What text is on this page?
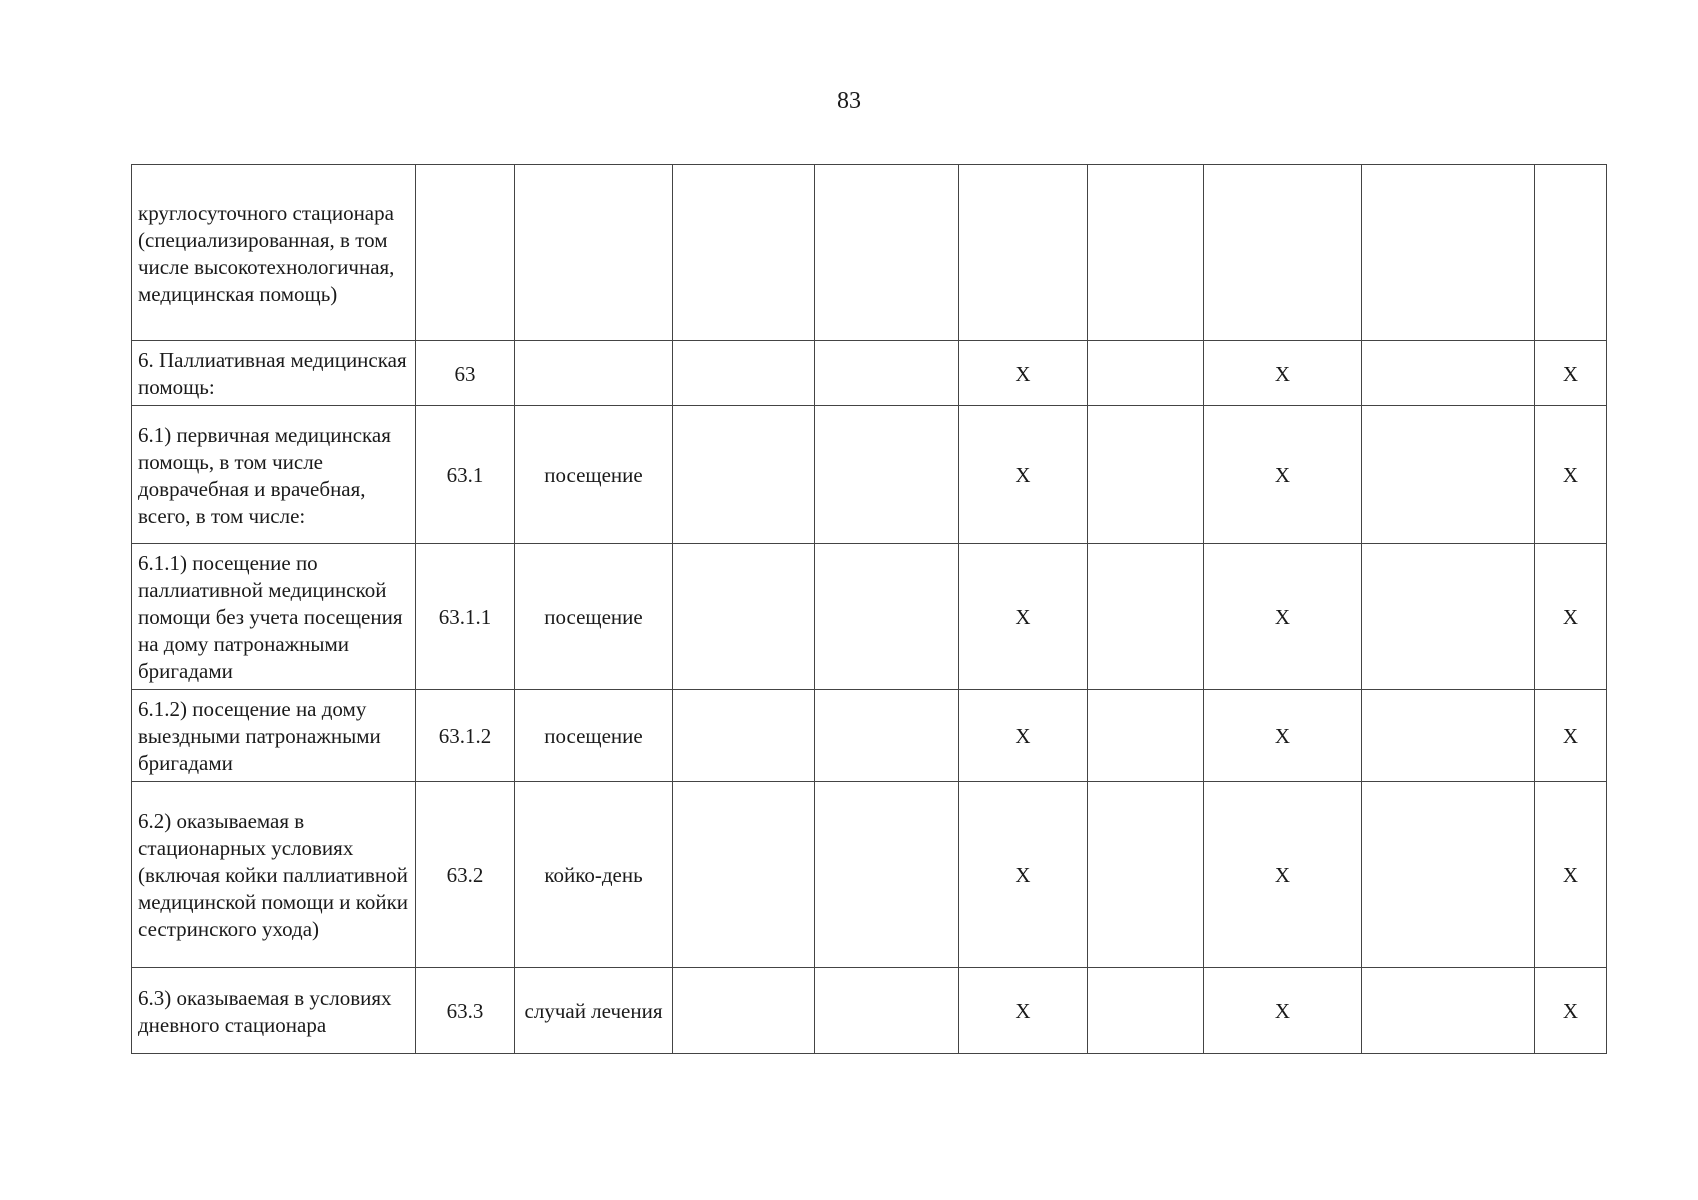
83
круглосуточного стационара (специализированная, в том числе высокотехнологичная, медицинская помощь)									
6. Паллиативная медицинская помощь:	63				X		X		X
6.1) первичная медицинская помощь, в том числе доврачебная и врачебная, всего, в том числе:	63.1	посещение			X		X		X
6.1.1) посещение по паллиативной медицинской помощи без учета посещения на дому патронажными бригадами	63.1.1	посещение			X		X		X
6.1.2) посещение на дому выездными патронажными бригадами	63.1.2	посещение			X		X		X
6.2) оказываемая в стационарных условиях (включая койки паллиативной медицинской помощи и койки сестринского ухода)	63.2	койко-день			X		X		X
6.3) оказываемая в условиях дневного стационара	63.3	случай лечения			X		X		X
